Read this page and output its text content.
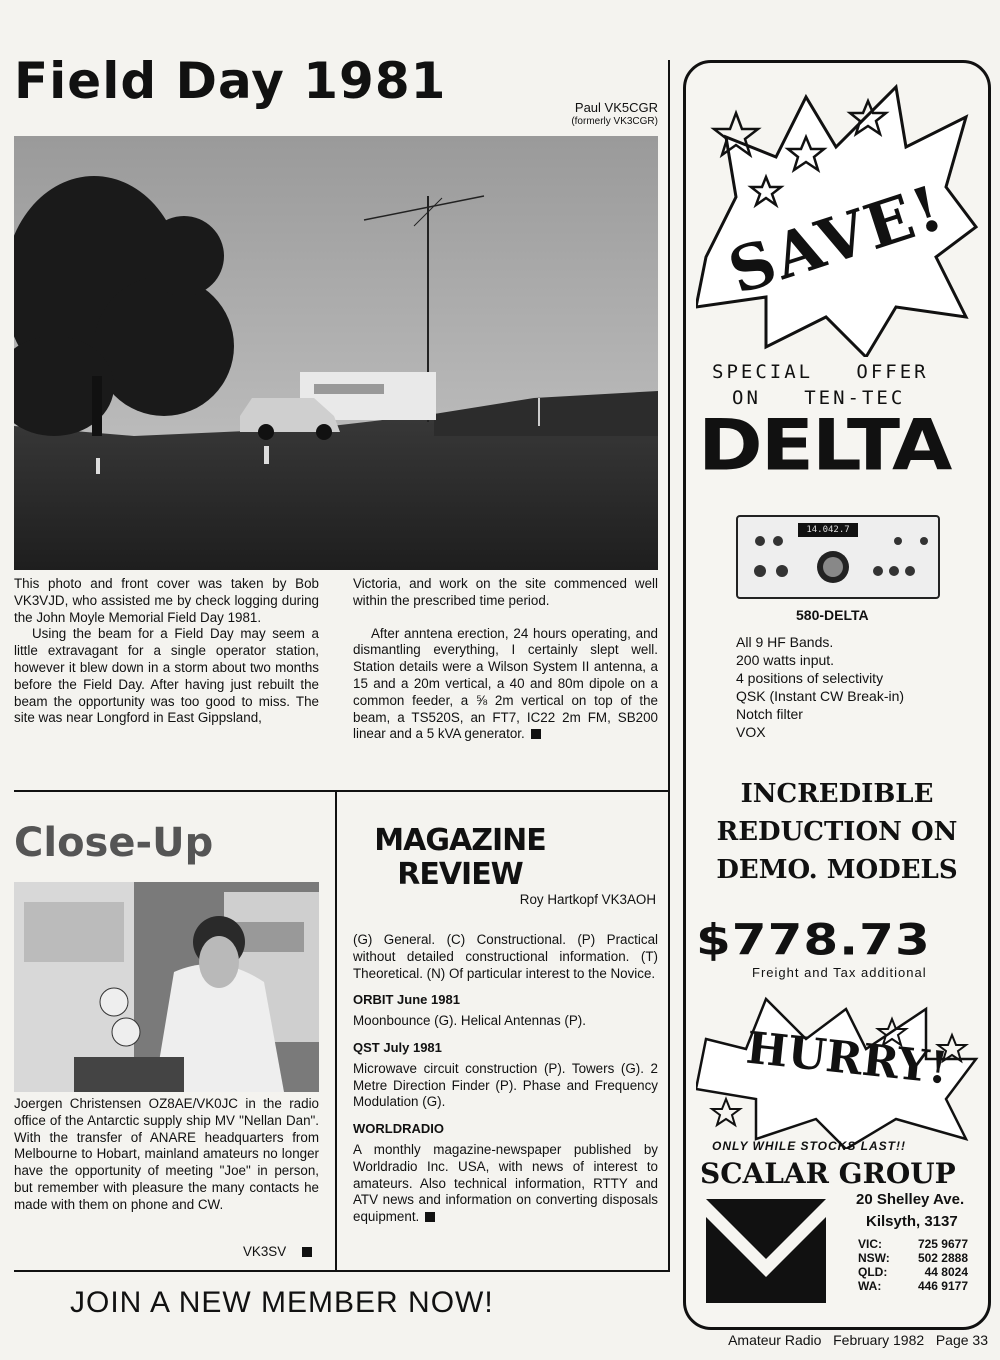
Field Day 1981	Paul VK5CGR
(formerly VK3CGR)

This photo and front cover was taken by Bob VK3VJD, who assisted me by check logging during the John Moyle Memorial Field Day 1981.

Using the beam for a Field Day may seem a little extravagant for a single operator station, however it blew down in a storm about two months before the Field Day. After having just rebuilt the beam the opportunity was too good to miss. The site was near Longford in East Gippsland,

Victoria, and work on the site commenced well within the prescribed time period.

After anntena erection, 24 hours operating, and dismantling everything, I certainly slept well. Station details were a Wilson System II antenna, a 15 and a 20m vertical, a 40 and 80m dipole on a common feeder, a ⅝ 2m vertical on top of the beam, a TS520S, an FT7, IC22 2m FM, SB200 linear and a 5 kVA generator.

Close-Up

Joergen Christensen OZ8AE/VK0JC in the radio office of the Antarctic supply ship MV "Nellan Dan". With the transfer of ANARE headquarters from Melbourne to Hobart, mainland amateurs no longer have the opportunity of meeting "Joe" in person, but remember with pleasure the many contacts he made with them on phone and CW.

VK3SV
MAGAZINE
REVIEW
Roy Hartkopf VK3AOH

(G) General. (C) Constructional. (P) Practical without detailed constructional information. (T) Theoretical. (N) Of particular interest to the Novice.

ORBIT June 1981

Moonbounce (G). Helical Antennas (P).

QST July 1981

Microwave circuit construction (P). Towers (G). 2 Metre Direction Finder (P). Phase and Frequency Modulation (G).

WORLDRADIO

A monthly magazine-newspaper published by Worldradio Inc. USA, with news of interest to amateurs. Also technical information, RTTY and ATV news and information on converting disposals equipment.

JOIN A NEW MEMBER NOW!
SAVE!
SPECIAL   OFFER
ON   TEN-TEC
DELTA
14.042.7
580-DELTA
All 9 HF Bands.
200 watts input.
4 positions of selectivity
QSK (Instant CW Break-in)
Notch filter
VOX
INCREDIBLE
REDUCTION ON
DEMO. MODELS
$778.73
Freight and Tax additional
HURRY!
ONLY WHILE STOCKS LAST!!
SCALAR GROUP
20 Shelley Ave.
Kilsyth, 3137
VIC:	725 9677
NSW: 502 2888
QLD:	44 8024
WA:	446 9177
Amateur Radio   February 1982   Page 33
